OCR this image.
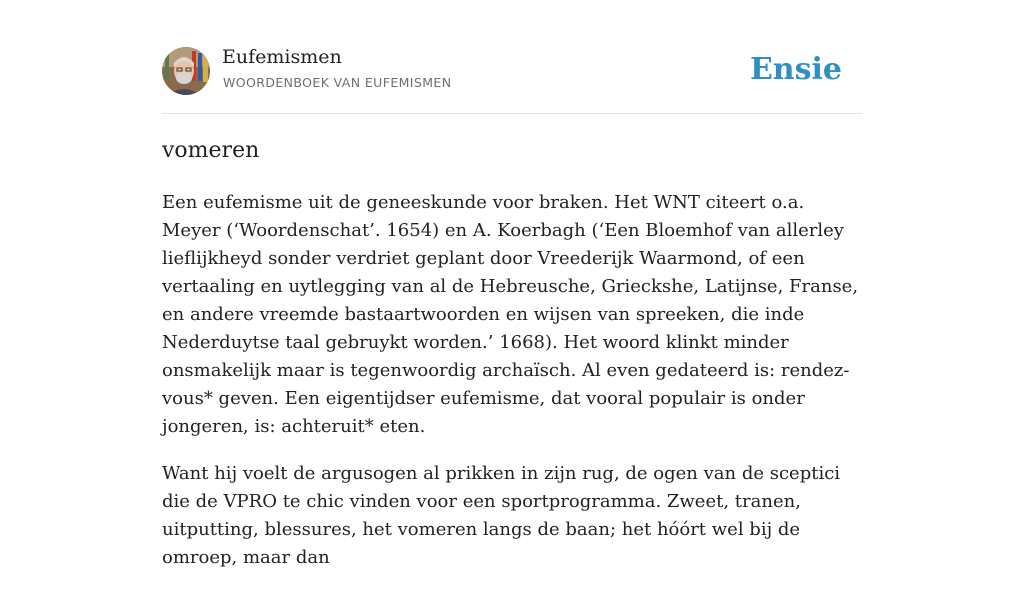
Eufemismen
WOORDENBOEK VAN EUFEMISMEN	Ensie
vomeren

Een eufemisme uit de geneeskunde voor braken. Het WNT citeert o.a. Meyer (‘Woordenschat’. 1654) en A. Koerbagh (‘Een Bloemhof van allerley lieflijkheyd sonder verdriet geplant door Vreederijk Waarmond, of een vertaaling en uytlegging van al de Hebreusche, Grieckshe, Latijnse, Franse, en andere vreemde bastaartwoorden en wijsen van spreeken, die inde Nederduytse taal gebruykt worden.’ 1668). Het woord klinkt minder onsmakelijk maar is tegenwoordig archaïsch. Al even gedateerd is: rendez-vous* geven. Een eigentijdser eufemisme, dat vooral populair is onder jongeren, is: achteruit* eten.

Want hij voelt de argusogen al prikken in zijn rug, de ogen van de sceptici die de VPRO te chic vinden voor een sportprogramma. Zweet, tranen, uitputting, blessures, het vomeren langs de baan; het hóórt wel bij de omroep, maar dan
